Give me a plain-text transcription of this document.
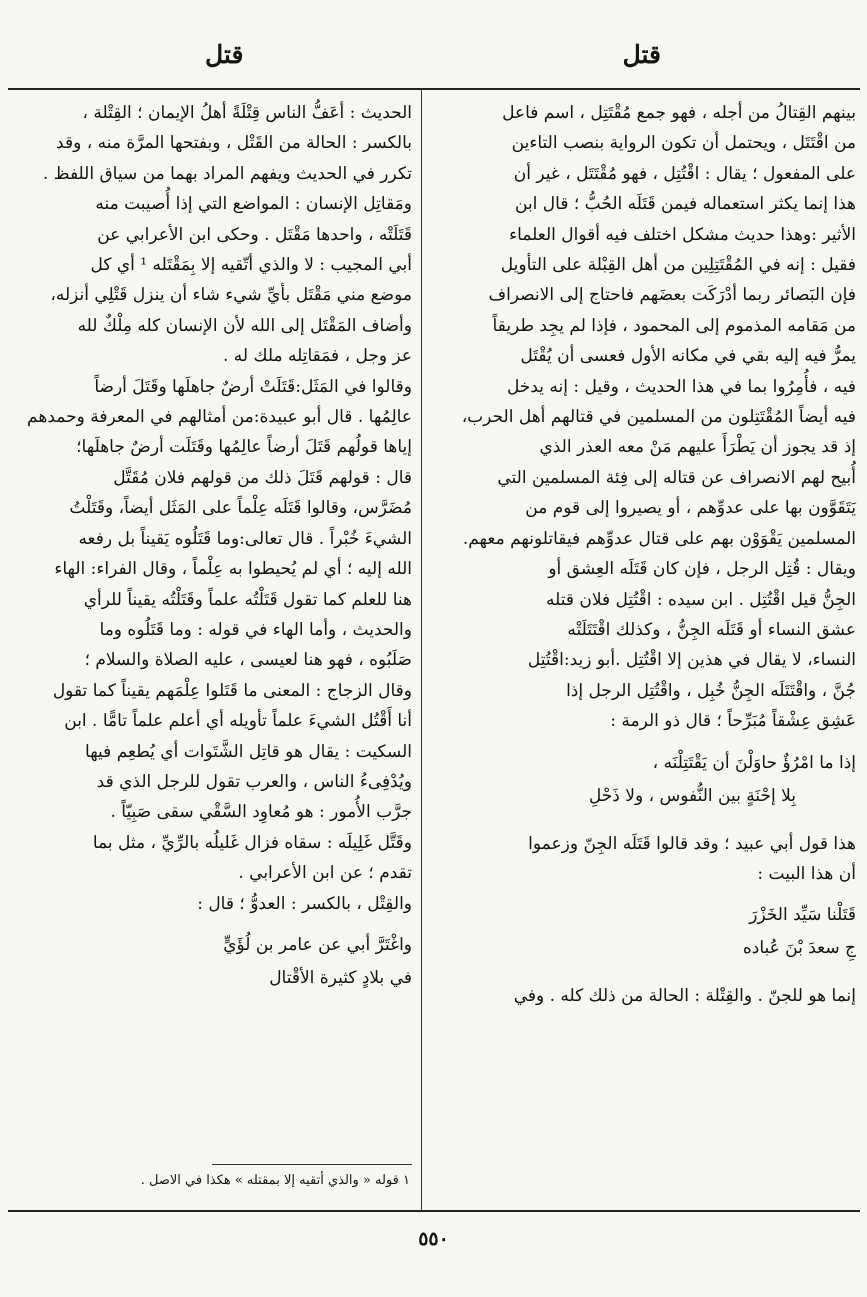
قتل
قتل

بينهم القِتالُ من أجله ، فهو جمع مُقْتَتِل ، اسم فاعل

من اقْتَتَل ، ويحتمل أن تكون الرواية بنصب التاءين

على المفعول ؛ يقال : اقْتُتِل ، فهو مُقْتَتَل ، غير أن

هذا إنما يكثر استعماله فيمن قَتَلَه الحُبُّ ؛ قال ابن

الأثير :وهذا حديث مشكل اختلف فيه أقوال العلماء

فقيل : إنه في المُقْتَتِلِين من أهل القِبْلة على التأويل

فإن البَصائر ربما أدْرَكَت بعضَهم فاحتاج إلى الانصراف

من مَقامه المذموم إلى المحمود ، فإذا لم يجِد طريقاً

يمرُّ فيه إليه بقي في مكانه الأول فعسى أن يُقْتَل

فيه ، فأُمِرُوا بما في هذا الحديث ، وقيل : إنه يدخل

فيه أيضاً المُقْتَتِلون من المسلمين في قتالهم أهل الحرب،

إذ قد يجوز أن يَطْرَأَ عليهم مَنْ معه العذر الذي

أُبيح لهم الانصراف عن قتاله إلى فِئة المسلمين التي

يَتَقَوَّون بها على عدوِّهم ، أو يصيروا إلى قوم من

المسلمين يَقْوَوْن بهم على قتال عدوِّهم فيقاتلونهم معهم.

ويقال : قُتِل الرجل ، فإن كان قَتَلَه العِشق أو

الجِنُّ قيل اقْتُتِل . ابن سيده : اقْتُتِل فلان قتله

عشق النساء أو قَتَلَه الجِنُّ ، وكذلك اقْتَتَلَتْه

النساء، لا يقال في هذين إلا اقْتُتِل .أبو زيد:اقْتُتِل

جُنَّ ، واقْتَتَلَه الجِنُّ خُبِل ، واقْتُتِل الرجل إذا

عَشِق عِشْقاً مُبَرِّحاً ؛ قال ذو الرمة :

إذا ما امْرُؤٌ حاوَلْنَ أن يَقْتَتِلْنَه ،

بِلا إحْنَةٍ بين النُّفوس ، ولا ذَحْلِ

هذا قول أبي عبيد ؛ وقد قالوا قَتَلَه الجِنّ وزعموا

أن هذا البيت :

قَتَلْنا سَيِّد الخَزْرَ

جِ سعدَ بْنَ عُباده

إنما هو للجنّ . والقِتْلة : الحالة من ذلك كله . وفي

الحديث : أعَفُّ الناس قِتْلَةً أهلُ الإيمان ؛ القِتْلة ،

بالكسر : الحالة من القَتْل ، وبفتحها المرَّة منه ، وقد

تكرر في الحديث ويفهم المراد بهما من سياق اللفظ .

ومَقاتِل الإنسان : المواضع التي إذا أُصيبت منه

قَتَلَتْه ، واحدها مَقْتَل . وحكى ابن الأعرابي عن

أبي المجيب : لا والذي أتّقيه إلا بِمَقْتَله ¹ أي كل

موضع مني مَقْتَل بأيِّ شيء شاء أن ينزل قَتْلِي أنزله،

وأضاف المَقْتَل إلى الله لأن الإنسان كله مِلْكٌ لله

عز وجل ، فمَقاتِله ملك له .

وقالوا في المَثَل:قَتَلَتْ أرضٌ جاهلَها وقَتَلَ أرضاً

عالِمُها . قال أبو عبيدة:من أمثالهم في المعرفة وحمدهم

إياها قولُهم قَتَلَ أرضاً عالِمُها وقَتَلَت أرضٌ جاهلَها؛

قال : قولهم قَتَلَ ذلك من قولهم فلان مُقَتَّل

مُضَرَّس، وقالوا قَتَلَه عِلْماً على المَثَل أيضاً، وقَتَلْتُ

الشيءَ خُبْراً . قال تعالى:وما قَتَلُوه يَقيناً بل رفعه

الله إليه ؛ أي لم يُحيطوا به عِلْماً ، وقال الفراء: الهاء

هنا للعلم كما تقول قَتَلْتُه علماً وقَتَلْتُه يقيناً للرأي

والحديث ، وأما الهاء في قوله : وما قَتَلُوه وما

صَلَبُوه ، فهو هنا لعيسى ، عليه الصلاة والسلام ؛

وقال الزجاج : المعنى ما قَتَلوا عِلْمَهم يقيناً كما تقول

أنا أَقْتُل الشيءَ علماً تأويله أي أعلم علماً تامًّا . ابن

السكيت : يقال هو قاتِل الشَّتَوات أي يُطعِم فيها

ويُدْفِىءُ الناس ، والعرب تقول للرجل الذي قد

جرَّب الأُمور : هو مُعاوِد السَّقْي سقى صَبِيّاً .

وقَتَّل غَلِيلَه : سقاه فزال غَليلُه بالرِّيِّ ، مثل بما

تقدم ؛ عن ابن الأعرابي .

والقِتْل ، بالكسر : العدوُّ ؛ قال :

واغْتَرَّ أبي عن عامر بن لُؤَيٍّ

في بلادٍ كثيرة الأقْتال

١ قوله « والذي أتقيه إلا بمقتله » هكذا في الاصل .
٥٥٠
